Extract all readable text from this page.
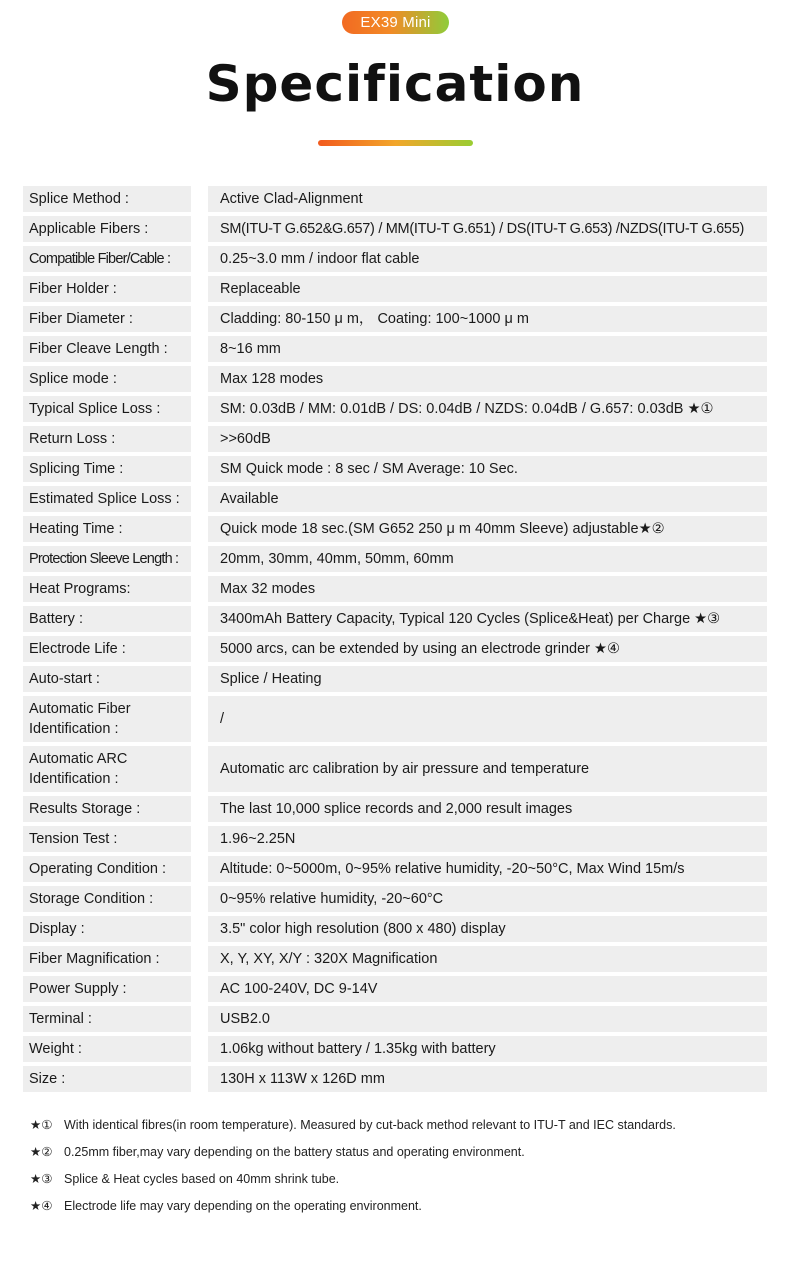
EX39 Mini
Specification
Splice Method :	Active Clad-Alignment
Applicable Fibers :	SM(ITU-T G.652&G.657) / MM(ITU-T G.651) / DS(ITU-T G.653) /NZDS(ITU-T G.655)
Compatible Fiber/Cable :	0.25~3.0 mm / indoor flat cable
Fiber Holder :	Replaceable
Fiber Diameter :	Cladding: 80-150 μ m， Coating: 100~1000 μ m
Fiber Cleave Length :	8~16 mm
Splice mode :	Max 128 modes
Typical Splice Loss :	SM: 0.03dB / MM: 0.01dB / DS: 0.04dB / NZDS: 0.04dB / G.657: 0.03dB ★①
Return Loss :	>>60dB
Splicing Time :	SM Quick mode : 8 sec / SM Average: 10 Sec.
Estimated Splice Loss :	Available
Heating Time :	Quick mode 18 sec.(SM G652 250 μ m 40mm Sleeve) adjustable★②
Protection Sleeve Length :	20mm, 30mm, 40mm, 50mm, 60mm
Heat Programs:	Max 32 modes
Battery :	3400mAh Battery Capacity, Typical 120 Cycles (Splice&Heat) per Charge ★③
Electrode Life :	5000 arcs, can be extended by using an electrode grinder ★④
Auto-start :	Splice / Heating
Automatic Fiber Identification :
/
Automatic ARC Identification :
Automatic arc calibration by air pressure and temperature
Results Storage :	The last 10,000 splice records and 2,000 result images
Tension Test :	1.96~2.25N
Operating Condition :	Altitude: 0~5000m, 0~95% relative humidity, -20~50°C, Max Wind 15m/s
Storage Condition :	0~95% relative humidity, -20~60°C
Display :	3.5" color high resolution (800 x 480) display
Fiber Magnification :	X, Y, XY, X/Y : 320X Magnification
Power Supply :	AC 100-240V, DC 9-14V
Terminal :	USB2.0
Weight :	1.06kg without battery / 1.35kg with battery
Size :	130H x 113W x 126D mm
★① With identical fibres(in room temperature). Measured by cut-back method relevant to ITU-T and IEC standards.
★② 0.25mm fiber,may vary depending on the battery status and operating environment.
★③ Splice & Heat cycles based on 40mm shrink tube.
★④ Electrode life may vary depending on the operating environment.
